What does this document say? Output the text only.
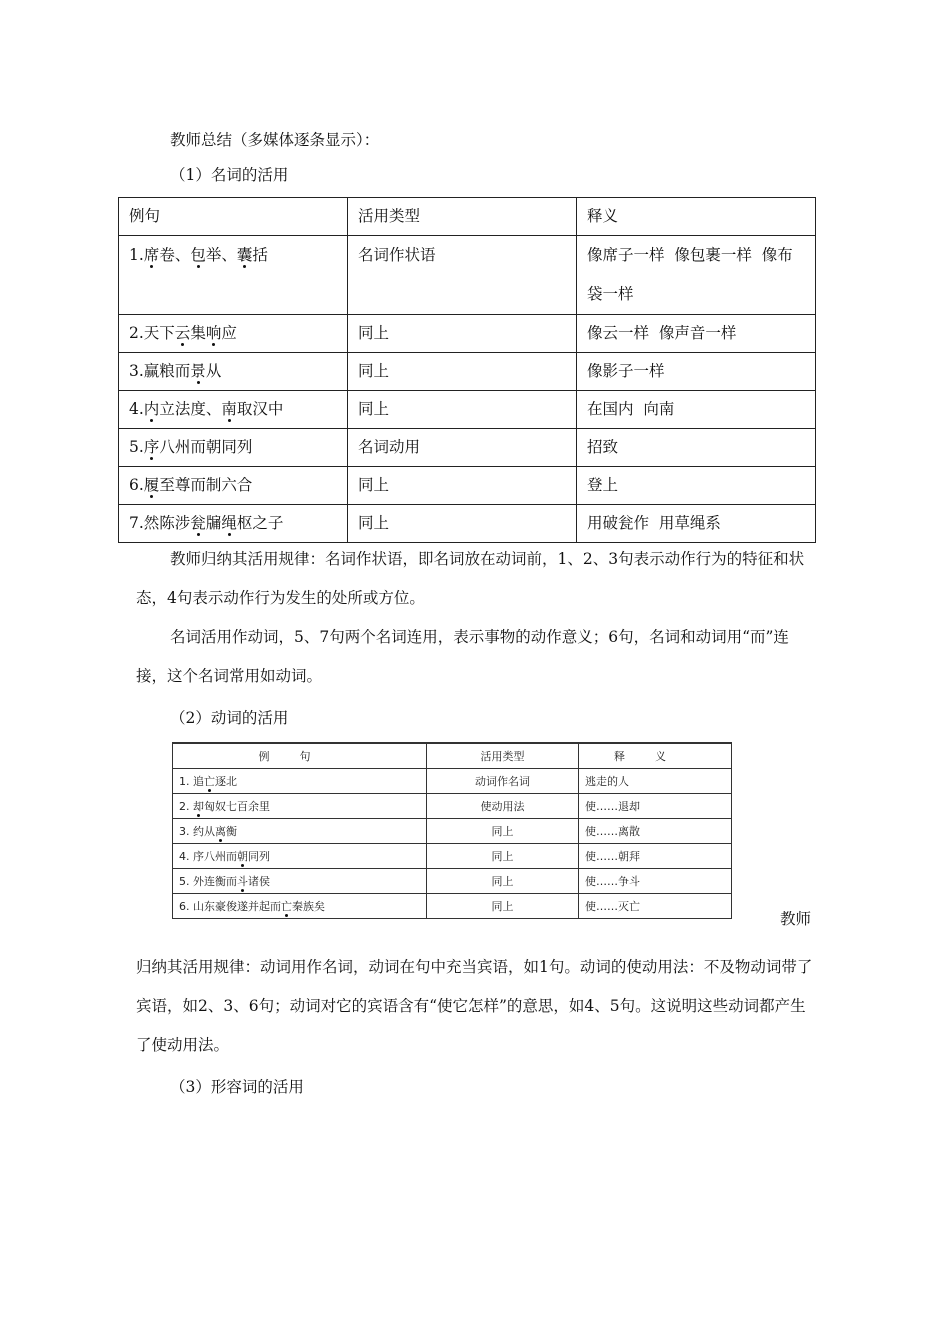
教师总结（多媒体逐条显示）：
（1）名词的活用
例句	活用类型	释义
1.席卷、包举、囊括	名词作状语	像席子一样  像包裹一样  像布
袋一样

2.天下云集响应	同上	像云一样  像声音一样

3.赢粮而景从	同上	像影子一样

4.内立法度、南取汉中	同上	在国内  向南

5.序八州而朝同列	名词动用	招致

6.履至尊而制六合	同上	登上

7.然陈涉瓮牖绳枢之子	同上	用破瓮作  用草绳系
教师归纳其活用规律：名词作状语，即名词放在动词前，1、2、3句表示动作行为的特征和状态，4句表示动作行为发生的处所或方位。
名词活用作动词，5、7句两个名词连用，表示事物的动作意义；6句，名词和动词用“而”连接，这个名词常用如动词。
（2）动词的活用
例句	活用类型	释义
1. 追亡逐北	动词作名词	逃走的人
2. 却匈奴七百余里	使动用法	使……退却
3. 约从离衡	同上	使……离散
4. 序八州而朝同列	同上	使……朝拜
5. 外连衡而斗诸侯	同上	使……争斗
6. 山东豪俊遂并起而亡秦族矣	同上	使……灭亡
教师
归纳其活用规律：动词用作名词，动词在句中充当宾语，如1句。动词的使动用法：不及物动词带了宾语，如2、3、6句；动词对它的宾语含有“使它怎样”的意思，如4、5句。这说明这些动词都产生了使动用法。
（3）形容词的活用
